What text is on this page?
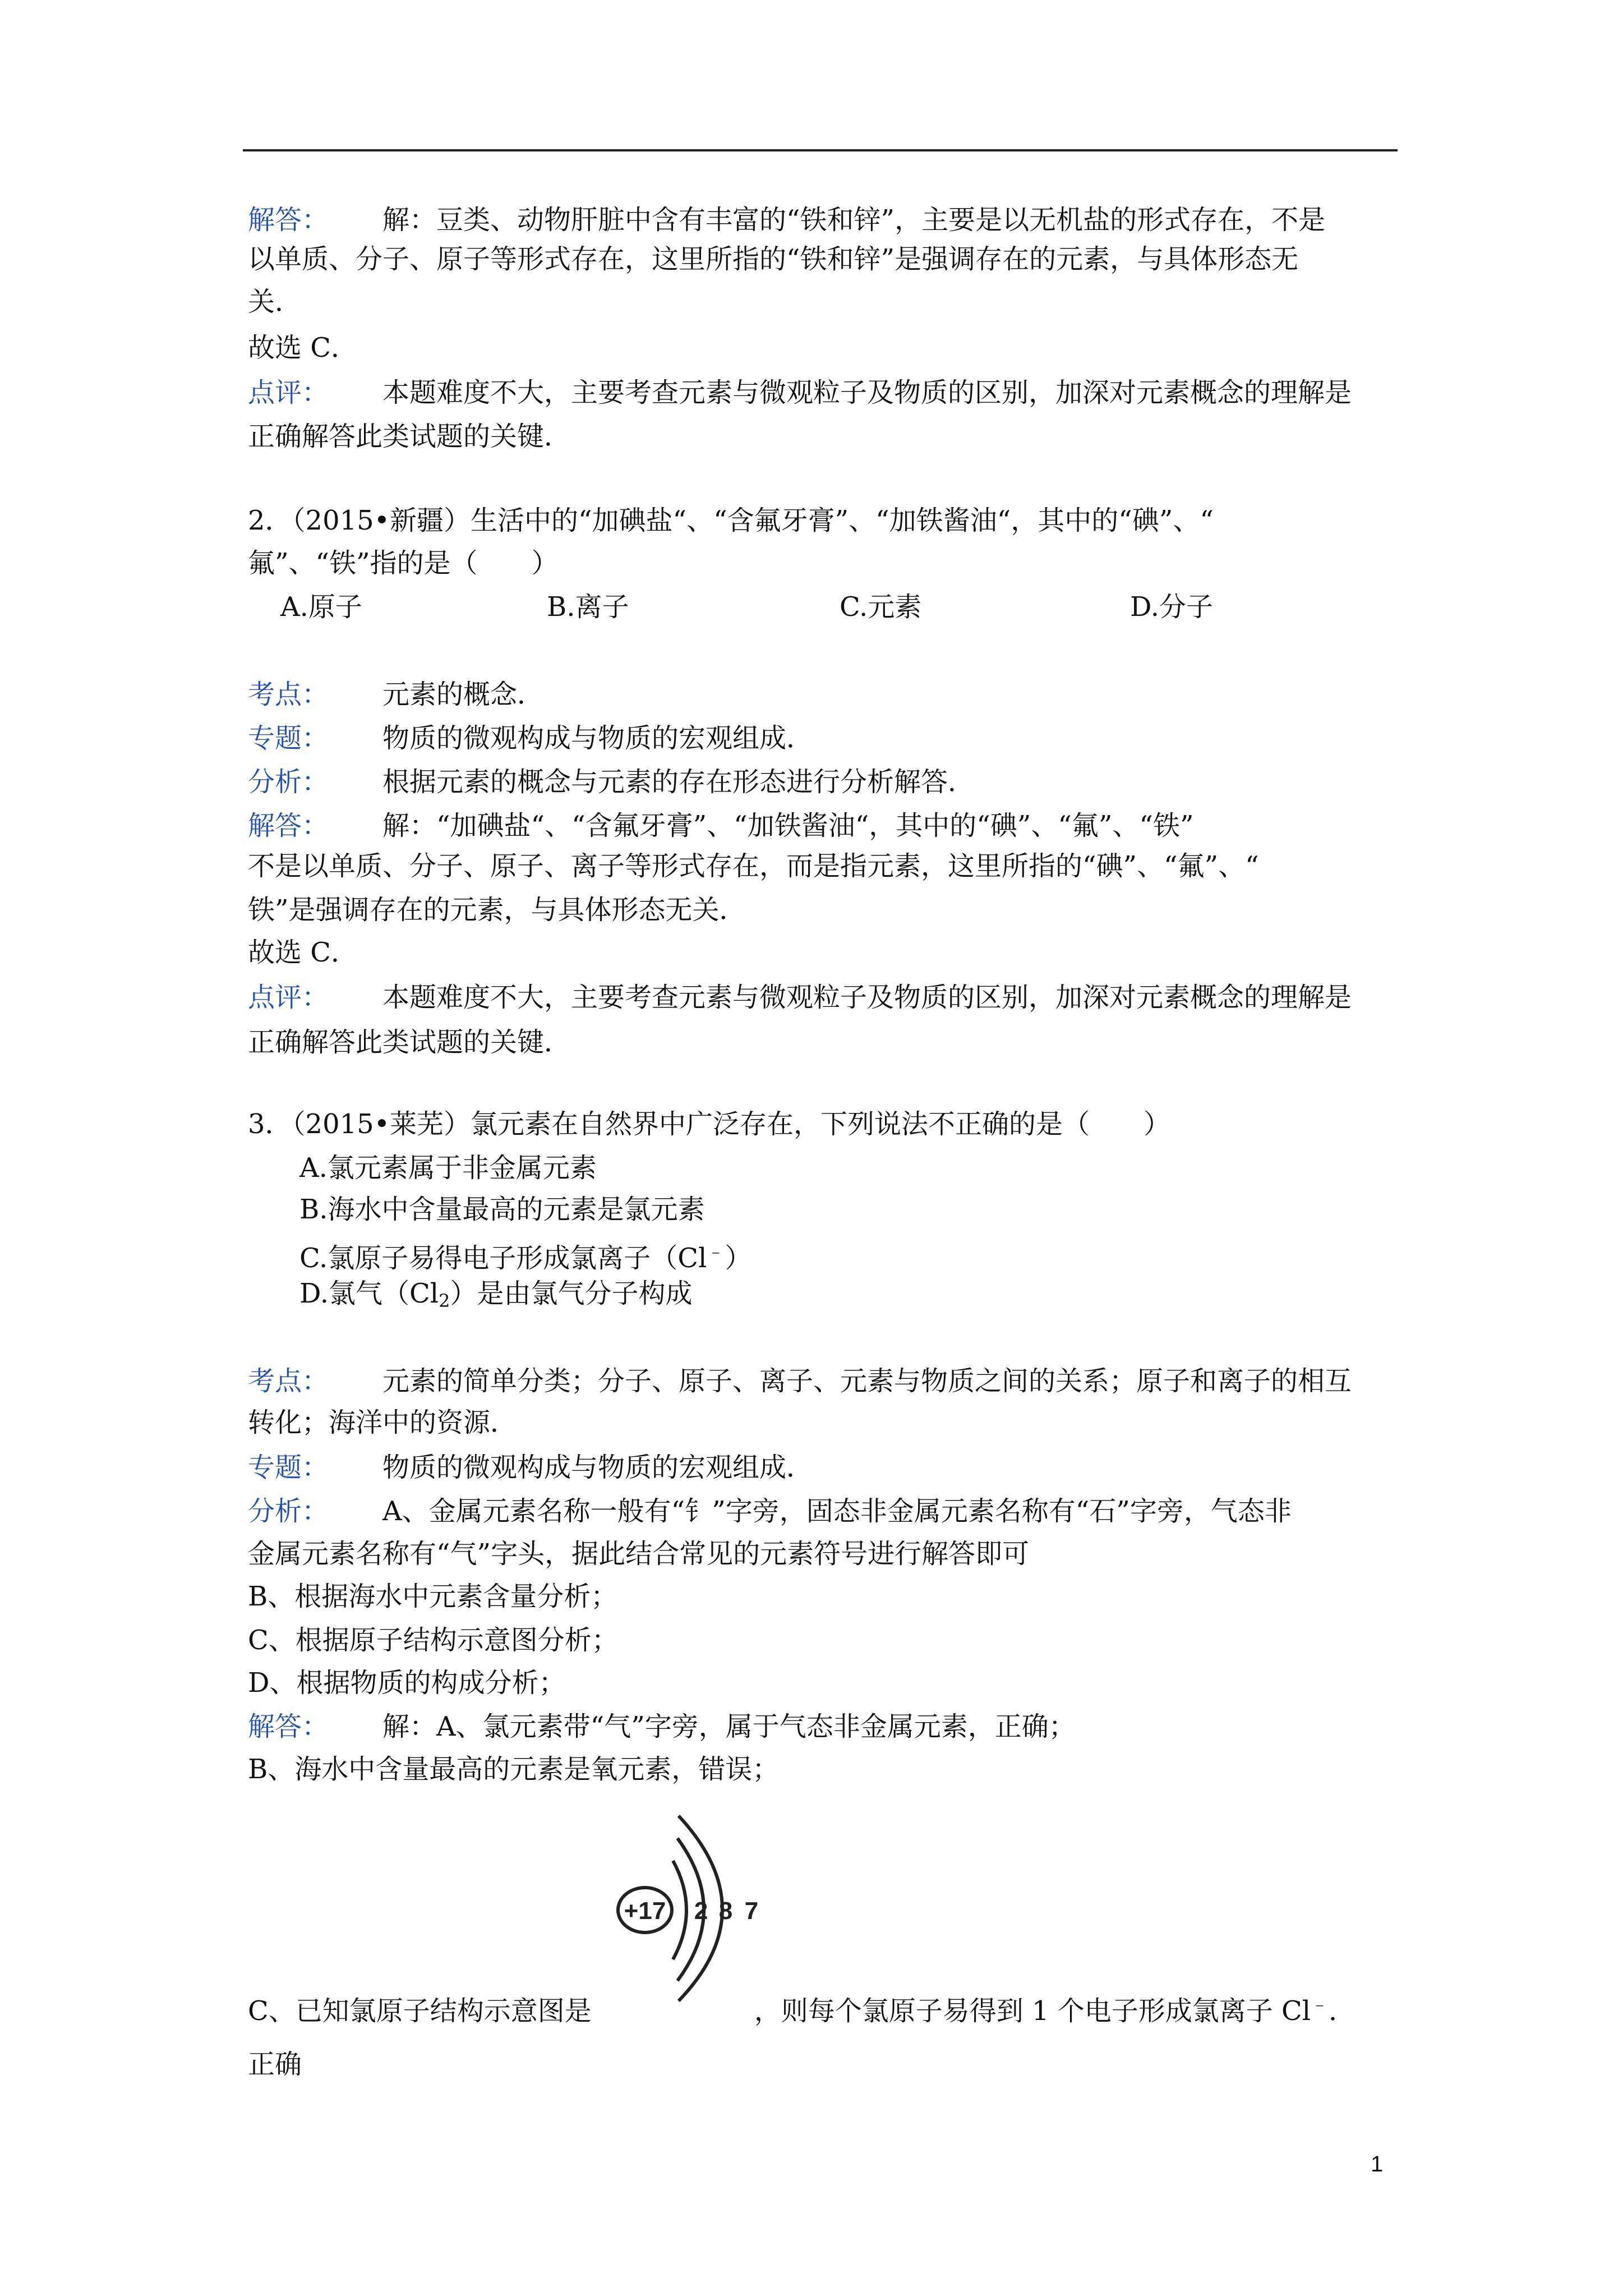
解答： 解：豆类、动物肝脏中含有丰富的“铁和锌”，主要是以无机盐的形式存在，不是
以单质、分子、原子等形式存在，这里所指的“铁和锌”是强调存在的元素，与具体形态无
关．
故选 C．
点评： 本题难度不大，主要考查元素与微观粒子及物质的区别，加深对元素概念的理解是
正确解答此类试题的关键．
2．（2015•新疆）生活中的“加碘盐“、“含氟牙膏”、“加铁酱油“，其中的“碘”、“
氟”、“铁”指的是（　　）
A.原子	B.离子	C.元素	D.分子
考点： 元素的概念．
专题： 物质的微观构成与物质的宏观组成．
分析： 根据元素的概念与元素的存在形态进行分析解答．
解答： 解：“加碘盐“、“含氟牙膏”、“加铁酱油“，其中的“碘”、“氟”、“铁”
不是以单质、分子、原子、离子等形式存在，而是指元素，这里所指的“碘”、“氟”、“
铁”是强调存在的元素，与具体形态无关．
故选 C．
点评： 本题难度不大，主要考查元素与微观粒子及物质的区别，加深对元素概念的理解是
正确解答此类试题的关键．
3．（2015•莱芜）氯元素在自然界中广泛存在，下列说法不正确的是（　　）
A.氯元素属于非金属元素
B.海水中含量最高的元素是氯元素
C.氯原子易得电子形成氯离子（Cl﹣）
D.氯气$(Cl_2)$是由氯气分子构成
考点： 元素的简单分类；分子、原子、离子、元素与物质之间的关系；原子和离子的相互
转化；海洋中的资源．
专题： 物质的微观构成与物质的宏观组成．
分析： A、金属元素名称一般有“钅”字旁，固态非金属元素名称有“石”字旁，气态非
金属元素名称有“气”字头，据此结合常见的元素符号进行解答即可
B、根据海水中元素含量分析；
C、根据原子结构示意图分析；
D、根据物质的构成分析；
解答： 解：A、氯元素带“气”字旁，属于气态非金属元素，正确；
B、海水中含量最高的元素是氧元素，错误；
+17 2 8 7
C、已知氯原子结构示意图是	，则每个氯原子易得到 1 个电子形成氯离子 Cl﹣．
正确
1
